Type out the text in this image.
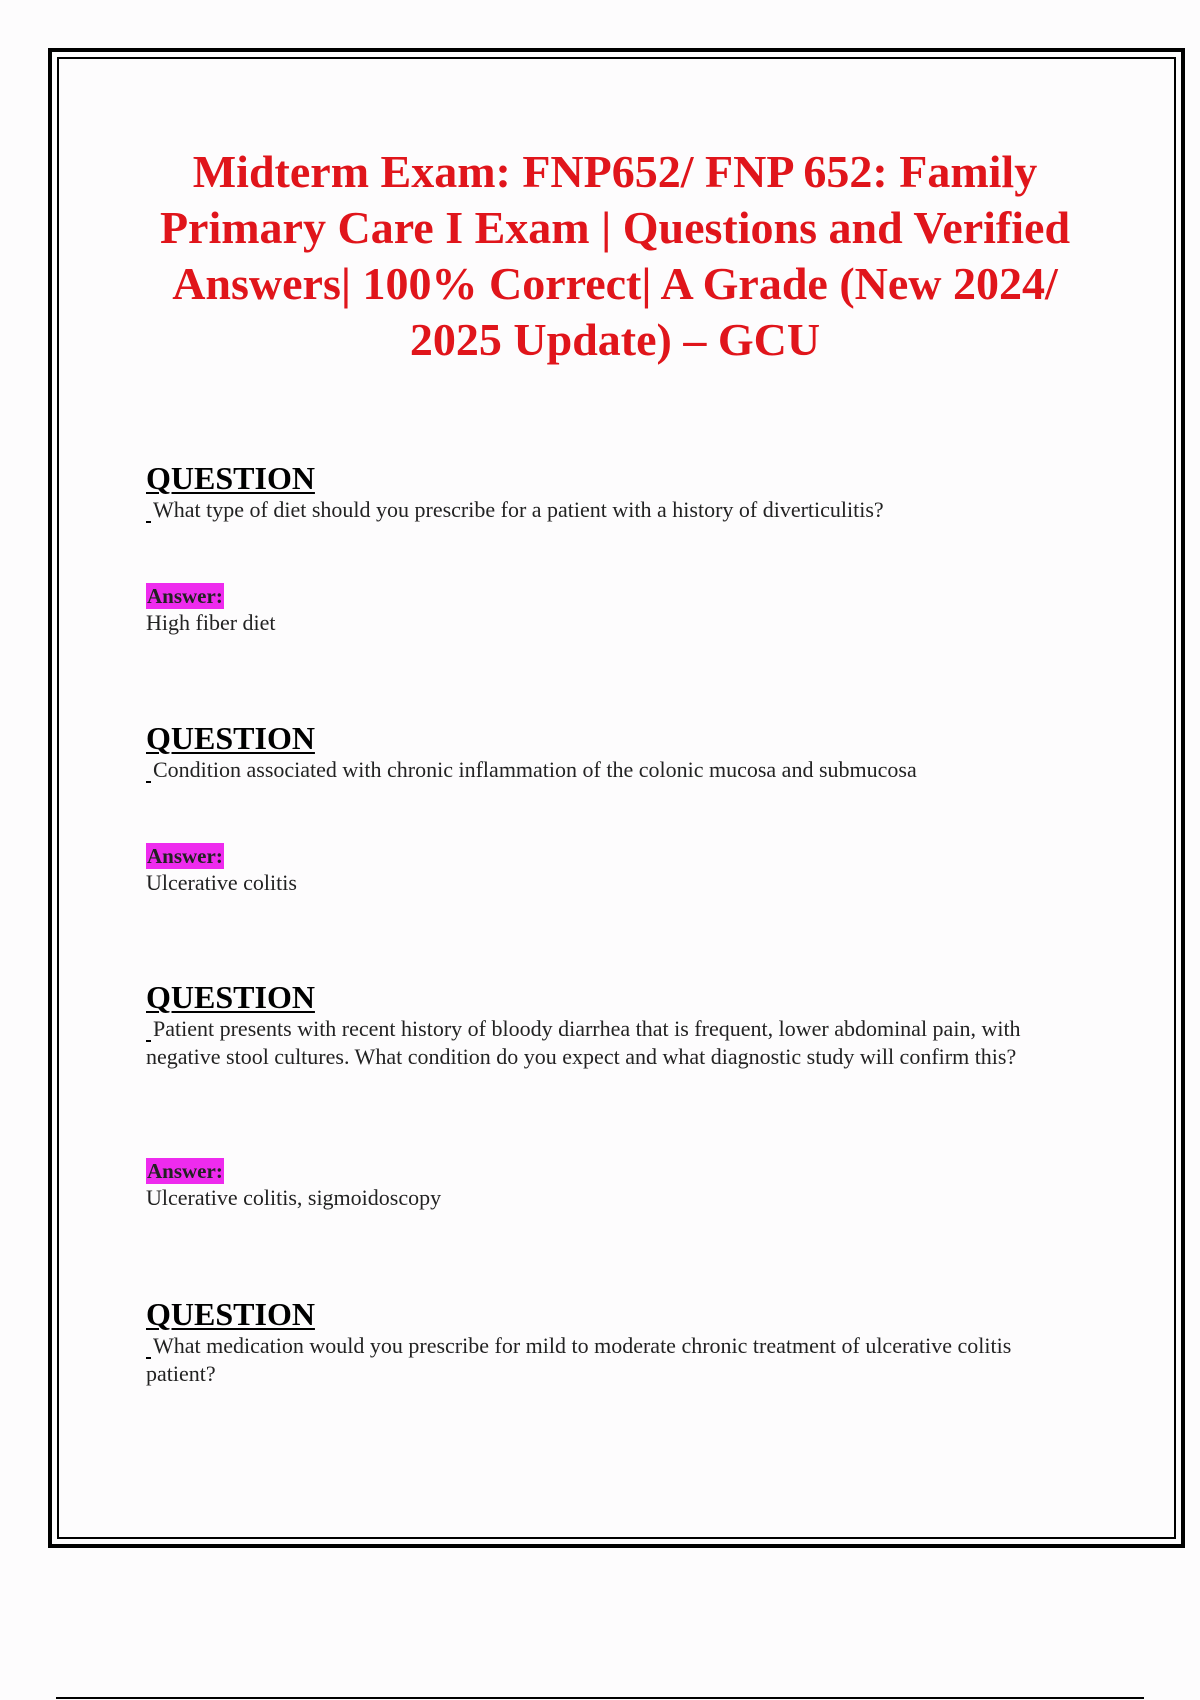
Midterm Exam: FNP652/ FNP 652: Family Primary Care I Exam | Questions and Verified Answers| 100% Correct| A Grade (New 2024/ 2025 Update) – GCU
QUESTION
What type of diet should you prescribe for a patient with a history of diverticulitis?
Answer:
High fiber diet
QUESTION
Condition associated with chronic inflammation of the colonic mucosa and submucosa
Answer:
Ulcerative colitis
QUESTION
Patient presents with recent history of bloody diarrhea that is frequent, lower abdominal pain, with negative stool cultures. What condition do you expect and what diagnostic study will confirm this?
Answer:
Ulcerative colitis, sigmoidoscopy
QUESTION
What medication would you prescribe for mild to moderate chronic treatment of ulcerative colitis patient?
